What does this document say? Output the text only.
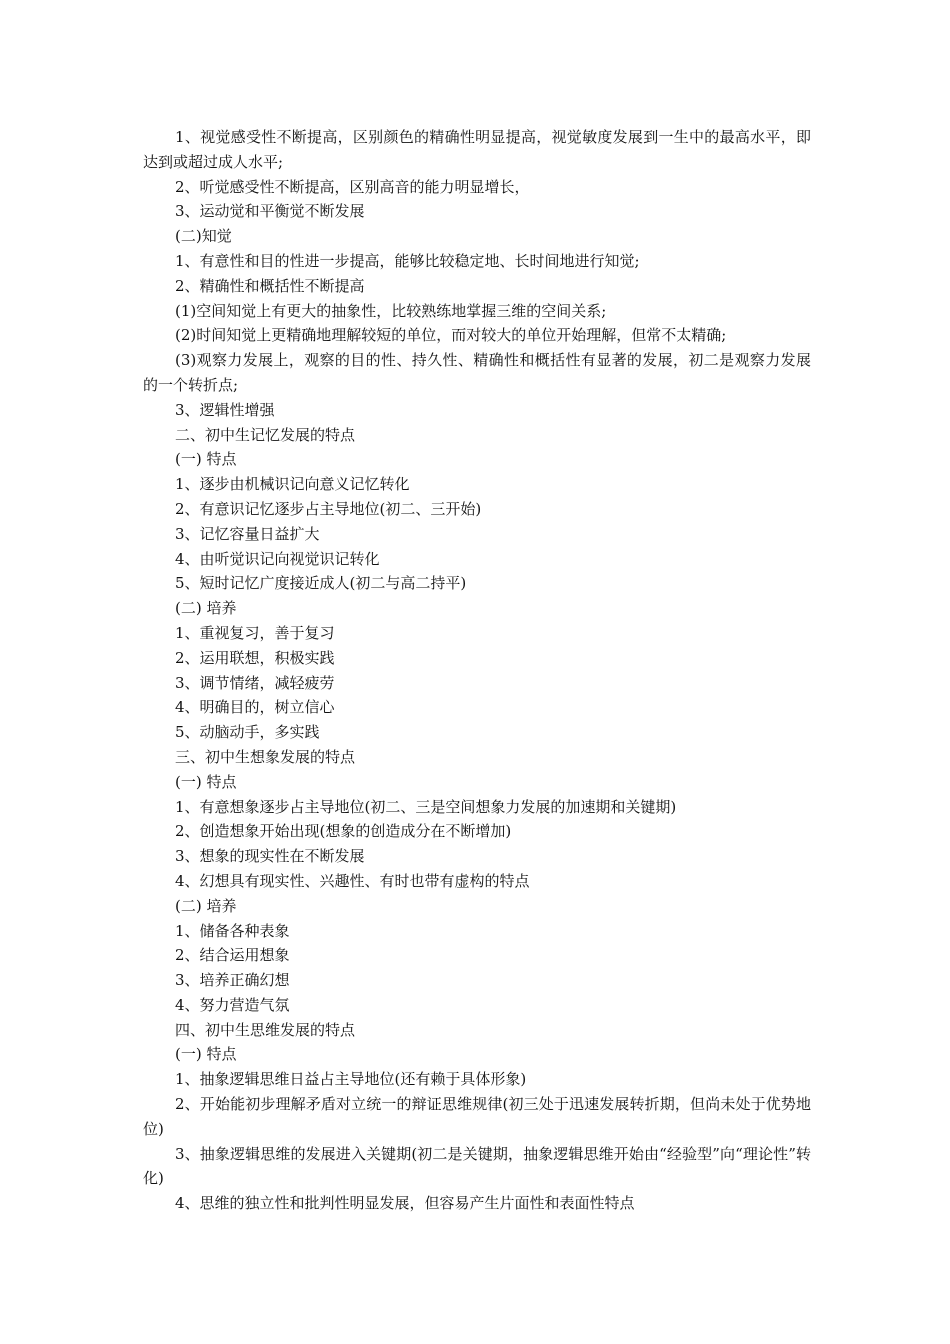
1、视觉感受性不断提高，区别颜色的精确性明显提高，视觉敏度发展到一生中的最高水平，即达到或超过成人水平;

2、听觉感受性不断提高，区别高音的能力明显增长，

3、运动觉和平衡觉不断发展

(二)知觉

1、有意性和目的性进一步提高，能够比较稳定地、长时间地进行知觉;

2、精确性和概括性不断提高

(1)空间知觉上有更大的抽象性，比较熟练地掌握三维的空间关系;

(2)时间知觉上更精确地理解较短的单位，而对较大的单位开始理解，但常不太精确;

(3)观察力发展上，观察的目的性、持久性、精确性和概括性有显著的发展，初二是观察力发展的一个转折点;

3、逻辑性增强

二、初中生记忆发展的特点

(一) 特点

1、逐步由机械识记向意义记忆转化

2、有意识记忆逐步占主导地位(初二、三开始)

3、记忆容量日益扩大

4、由听觉识记向视觉识记转化

5、短时记忆广度接近成人(初二与高二持平)

(二) 培养

1、重视复习，善于复习

2、运用联想，积极实践

3、调节情绪，减轻疲劳

4、明确目的，树立信心

5、动脑动手，多实践

三、初中生想象发展的特点

(一) 特点

1、有意想象逐步占主导地位(初二、三是空间想象力发展的加速期和关键期)

2、创造想象开始出现(想象的创造成分在不断增加)

3、想象的现实性在不断发展

4、幻想具有现实性、兴趣性、有时也带有虚构的特点

(二) 培养

1、储备各种表象

2、结合运用想象

3、培养正确幻想

4、努力营造气氛

四、初中生思维发展的特点

(一) 特点

1、抽象逻辑思维日益占主导地位(还有赖于具体形象)

2、开始能初步理解矛盾对立统一的辩证思维规律(初三处于迅速发展转折期，但尚未处于优势地位)

3、抽象逻辑思维的发展进入关键期(初二是关键期，抽象逻辑思维开始由“经验型”向“理论性”转化)

4、思维的独立性和批判性明显发展，但容易产生片面性和表面性特点
